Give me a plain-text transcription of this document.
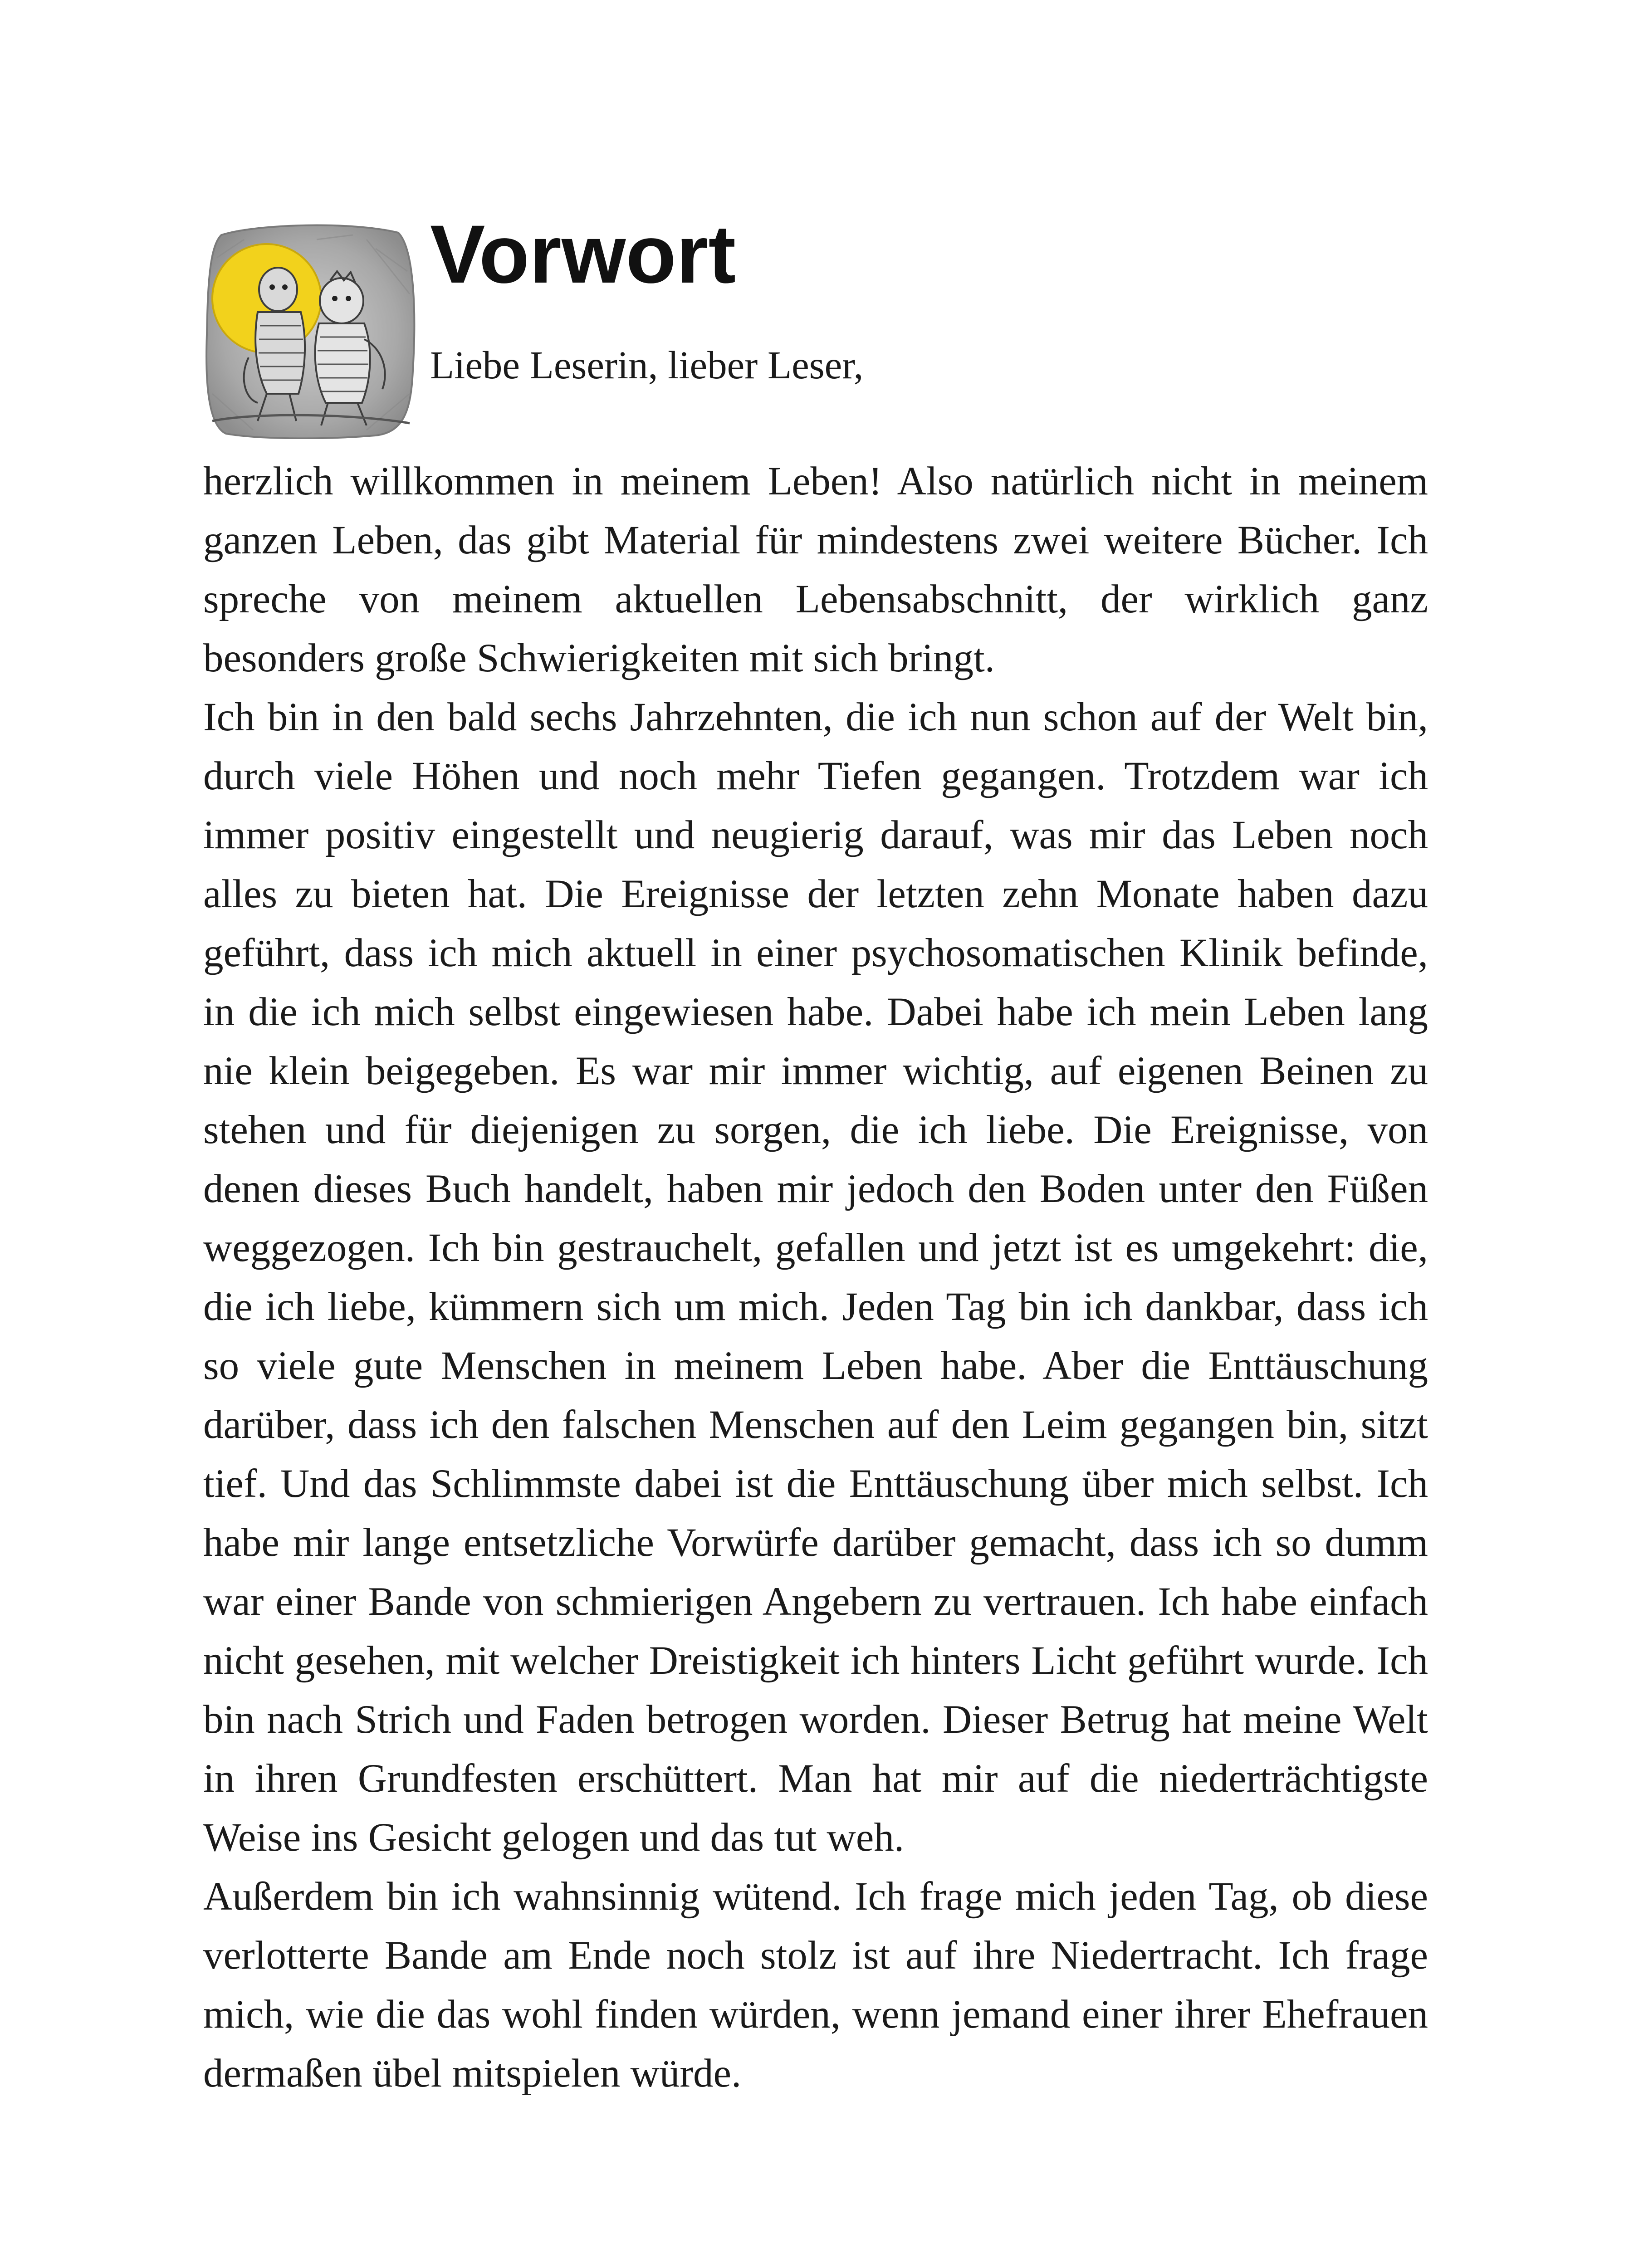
Vorwort

Liebe Leserin, lieber Leser,

herzlich willkommen in meinem Leben! Also natürlich nicht in meinem ganzen Leben, das gibt Material für mindestens zwei weitere Bücher. Ich spreche von meinem aktuellen Lebensabschnitt, der wirklich ganz besonders große Schwierigkeiten mit sich bringt.

Ich bin in den bald sechs Jahrzehnten, die ich nun schon auf der Welt bin, durch viele Höhen und noch mehr Tiefen gegangen. Trotzdem war ich immer positiv eingestellt und neugierig darauf, was mir das Leben noch alles zu bieten hat. Die Ereignisse der letzten zehn Monate haben dazu geführt, dass ich mich aktuell in einer psychosomatischen Klinik befinde, in die ich mich selbst eingewiesen habe. Dabei habe ich mein Leben lang nie klein beigegeben. Es war mir immer wichtig, auf eigenen Beinen zu stehen und für diejenigen zu sorgen, die ich liebe. Die Ereignisse, von denen dieses Buch handelt, haben mir jedoch den Boden unter den Füßen weggezogen. Ich bin gestrauchelt, gefallen und jetzt ist es umgekehrt: die, die ich liebe, kümmern sich um mich. Jeden Tag bin ich dankbar, dass ich so viele gute Menschen in meinem Leben habe. Aber die Enttäuschung darüber, dass ich den falschen Menschen auf den Leim gegangen bin, sitzt tief. Und das Schlimmste dabei ist die Enttäuschung über mich selbst. Ich habe mir lange entsetzliche Vorwürfe darüber gemacht, dass ich so dumm war einer Bande von schmierigen Angebern zu vertrauen. Ich habe einfach nicht gesehen, mit welcher Dreistigkeit ich hinters Licht geführt wurde. Ich bin nach Strich und Faden betrogen worden. Dieser Betrug hat meine Welt in ihren Grundfesten erschüttert. Man hat mir auf die niederträchtigste Weise ins Gesicht gelogen und das tut weh.

Außerdem bin ich wahnsinnig wütend. Ich frage mich jeden Tag, ob diese verlotterte Bande am Ende noch stolz ist auf ihre Niedertracht. Ich frage mich, wie die das wohl finden würden, wenn jemand einer ihrer Ehefrauen dermaßen übel mitspielen würde.
